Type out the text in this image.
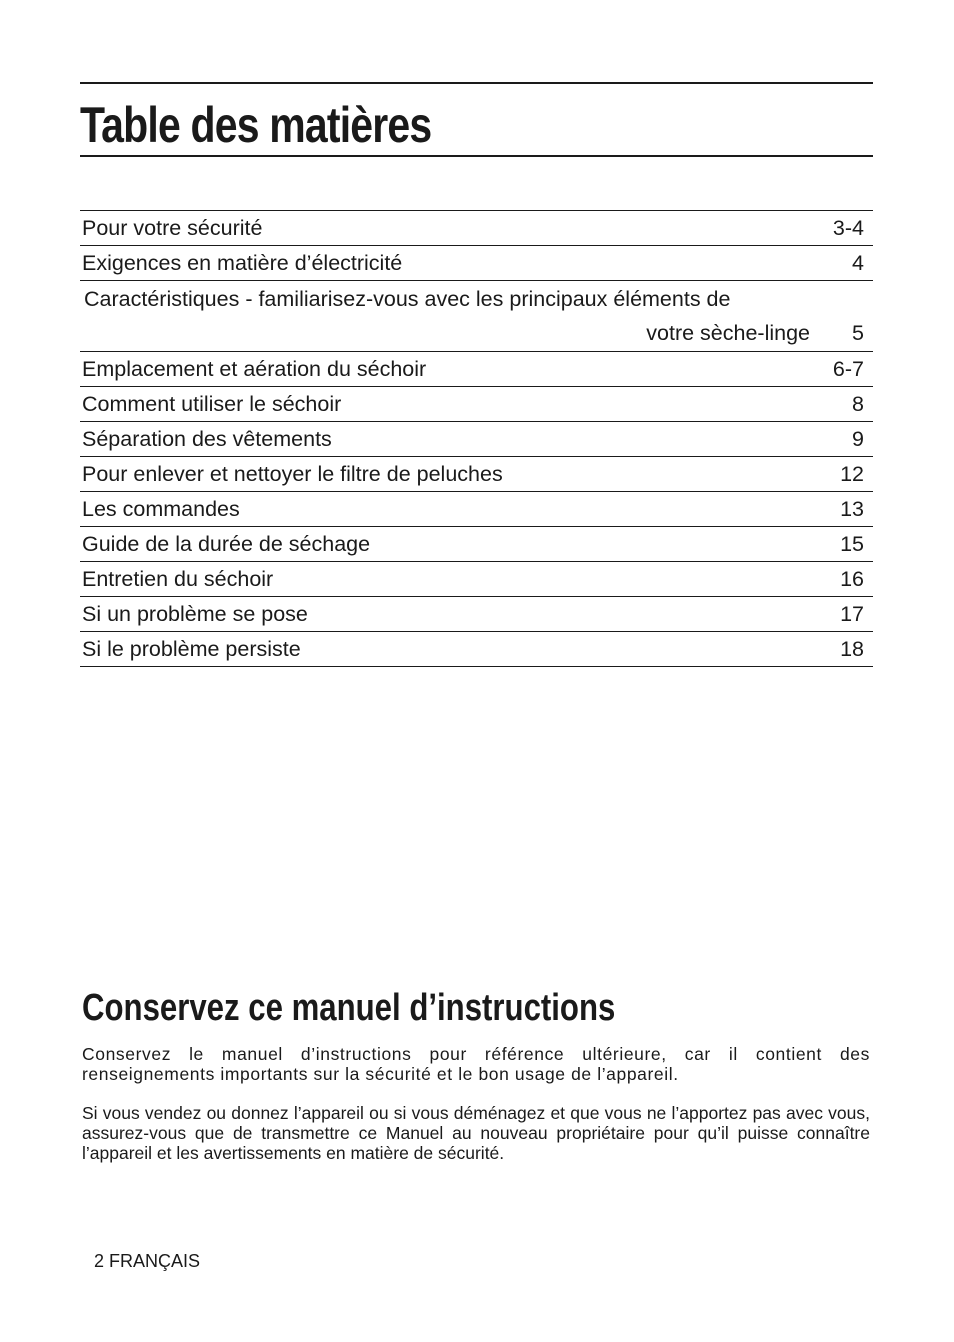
Table des matières
Pour votre sécurité	3-4
Exigences en matière d’électricité	4
Caractéristiques - familiarisez-vous avec les principaux éléments de
votre sèche-linge 5
Emplacement et aération du séchoir	6-7
Comment utiliser le séchoir	8
Séparation des vêtements	9
Pour enlever et nettoyer le filtre de peluches	12
Les commandes	13
Guide de la durée de séchage	15
Entretien du séchoir	16
Si un problème se pose	17
Si le problème persiste	18
Conservez ce manuel d’instructions

Conservez le manuel d’instructions pour référence ultérieure, car il contient des renseignements importants sur la sécurité et le bon usage de l’appareil.

Si vous vendez ou donnez l’appareil ou si vous déménagez et que vous ne l’apportez pas avec vous, assurez-vous que de transmettre ce Manuel au nouveau propriétaire pour qu’il puisse connaître l’appareil et les avertissements en matière de sécurité.

2 FRANÇAIS
